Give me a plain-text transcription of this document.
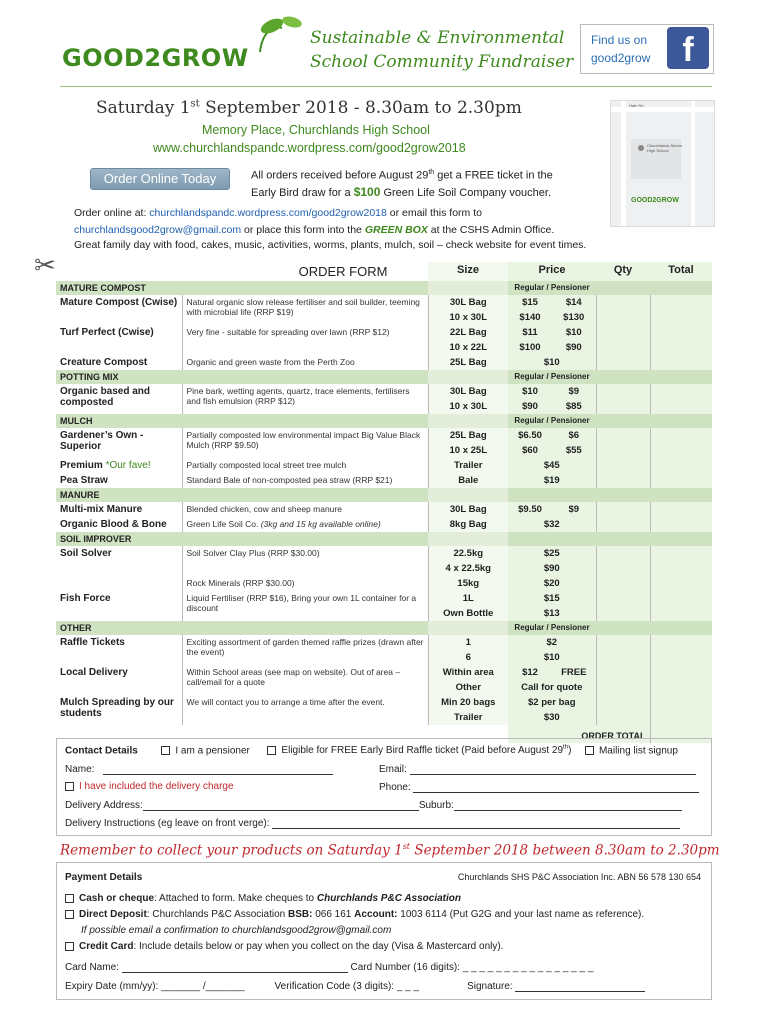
GOOD2GROW
Sustainable & Environmental
School Community Fundraiser
Find us on
good2grow f
Saturday 1st September 2018 - 8.30am to 2.30pm
Memory Place, Churchlands High School
www.churchlandspandc.wordpress.com/good2grow2018
Order Online Today	All orders received before August 29th get a FREE ticket in the
Early Bird draw for a $100 Green Life Soil Company voucher.
Order online at: churchlandspandc.wordpress.com/good2grow2018 or email this form to
churchlandsgood2grow@gmail.com or place this form into the GREEN BOX at the CSHS Admin Office.
Great family day with food, cakes, music, activities, worms, plants, mulch, soil – check website for event times.
Hale Rd
Churchlands Senior High School
GOOD2GROW
✂
		ORDER FORM	Size	Price		Qty	Total
MATURE COMPOST			Regular / Pensioner			
Mature Compost (Cwise)	Natural organic slow release fertiliser and soil builder, teeming with microbial life (RRP $19)	30L Bag	$15	$14		
		10 x 30L	$140	$130		
Turf Perfect (Cwise)	Very fine - suitable for spreading over lawn (RRP $12)	22L Bag	$11	$10		
		10 x 22L	$100	$90		
Creature Compost	Organic and green waste from the Perth Zoo	25L Bag	$10			
POTTING MIX			Regular / Pensioner			
Organic based and composted	Pine bark, wetting agents, quartz, trace elements, fertilisers and fish emulsion (RRP $12)	30L Bag	$10	$9		
		10 x 30L	$90	$85		
MULCH			Regular / Pensioner			
Gardener’s Own - Superior	Partially composted low environmental impact Big Value Black Mulch (RRP $9.50)	25L Bag	$6.50	$6		
		10 x 25L	$60	$55		
Premium *Our fave!	Partially composted local street tree mulch	Trailer	$45			
Pea Straw	Standard Bale of non-composted pea straw (RRP $21)	Bale	$19			
MANURE						
Multi-mix Manure	Blended chicken, cow and sheep manure	30L Bag	$9.50	$9		
Organic Blood & Bone	Green Life Soil Co. (3kg and 15 kg available online)	8kg Bag	$32			
SOIL IMPROVER						
Soil Solver	Soil Solver Clay Plus (RRP $30.00)	22.5kg	$25			
		4 x 22.5kg	$90			
	Rock Minerals (RRP $30.00)	15kg	$20			
Fish Force	Liquid Fertiliser (RRP $16), Bring your own 1L container for a discount	1L	$15			
		Own Bottle	$13			
OTHER			Regular / Pensioner			
Raffle Tickets	Exciting assortment of garden themed raffle prizes (drawn after the event)	1	$2			
		6	$10			
Local Delivery	Within School areas (see map on website). Out of area – call/email for a quote	Within area	$12	FREE		
		Other	Call for quote			
Mulch Spreading by our students	We will contact you to arrange a time after the event.	Min 20 bags	$2 per bag			
		Trailer	$30			
			ORDER TOTAL			
Contact Details	I am a pensioner	Eligible for FREE Early Bird Raffle ticket (Paid before August 29th)	Mailing list signup
Name:	Email:
I have included the delivery charge	Phone:
Delivery Address:	Suburb:
Delivery Instructions (eg leave on front verge):
Remember to collect your products on Saturday 1st September 2018 between 8.30am to 2.30pm
Payment Details	Churchlands SHS P&C Association Inc. ABN 56 578 130 654
Cash or cheque: Attached to form. Make cheques to Churchlands P&C Association
Direct Deposit: Churchlands P&C Association BSB: 066 161 Account: 1003 6114 (Put G2G and your last name as reference).
If possible email a confirmation to churchlandsgood2grow@gmail.com
Credit Card: Include details below or pay when you collect on the day (Visa & Mastercard only).
Card Name:	Card Number (16 digits): _ _ _ _ _ _ _ _ _ _ _ _ _ _ _ _
Expiry Date (mm/yy): _______ /_______	Verification Code (3 digits): _ _ _	Signature:
